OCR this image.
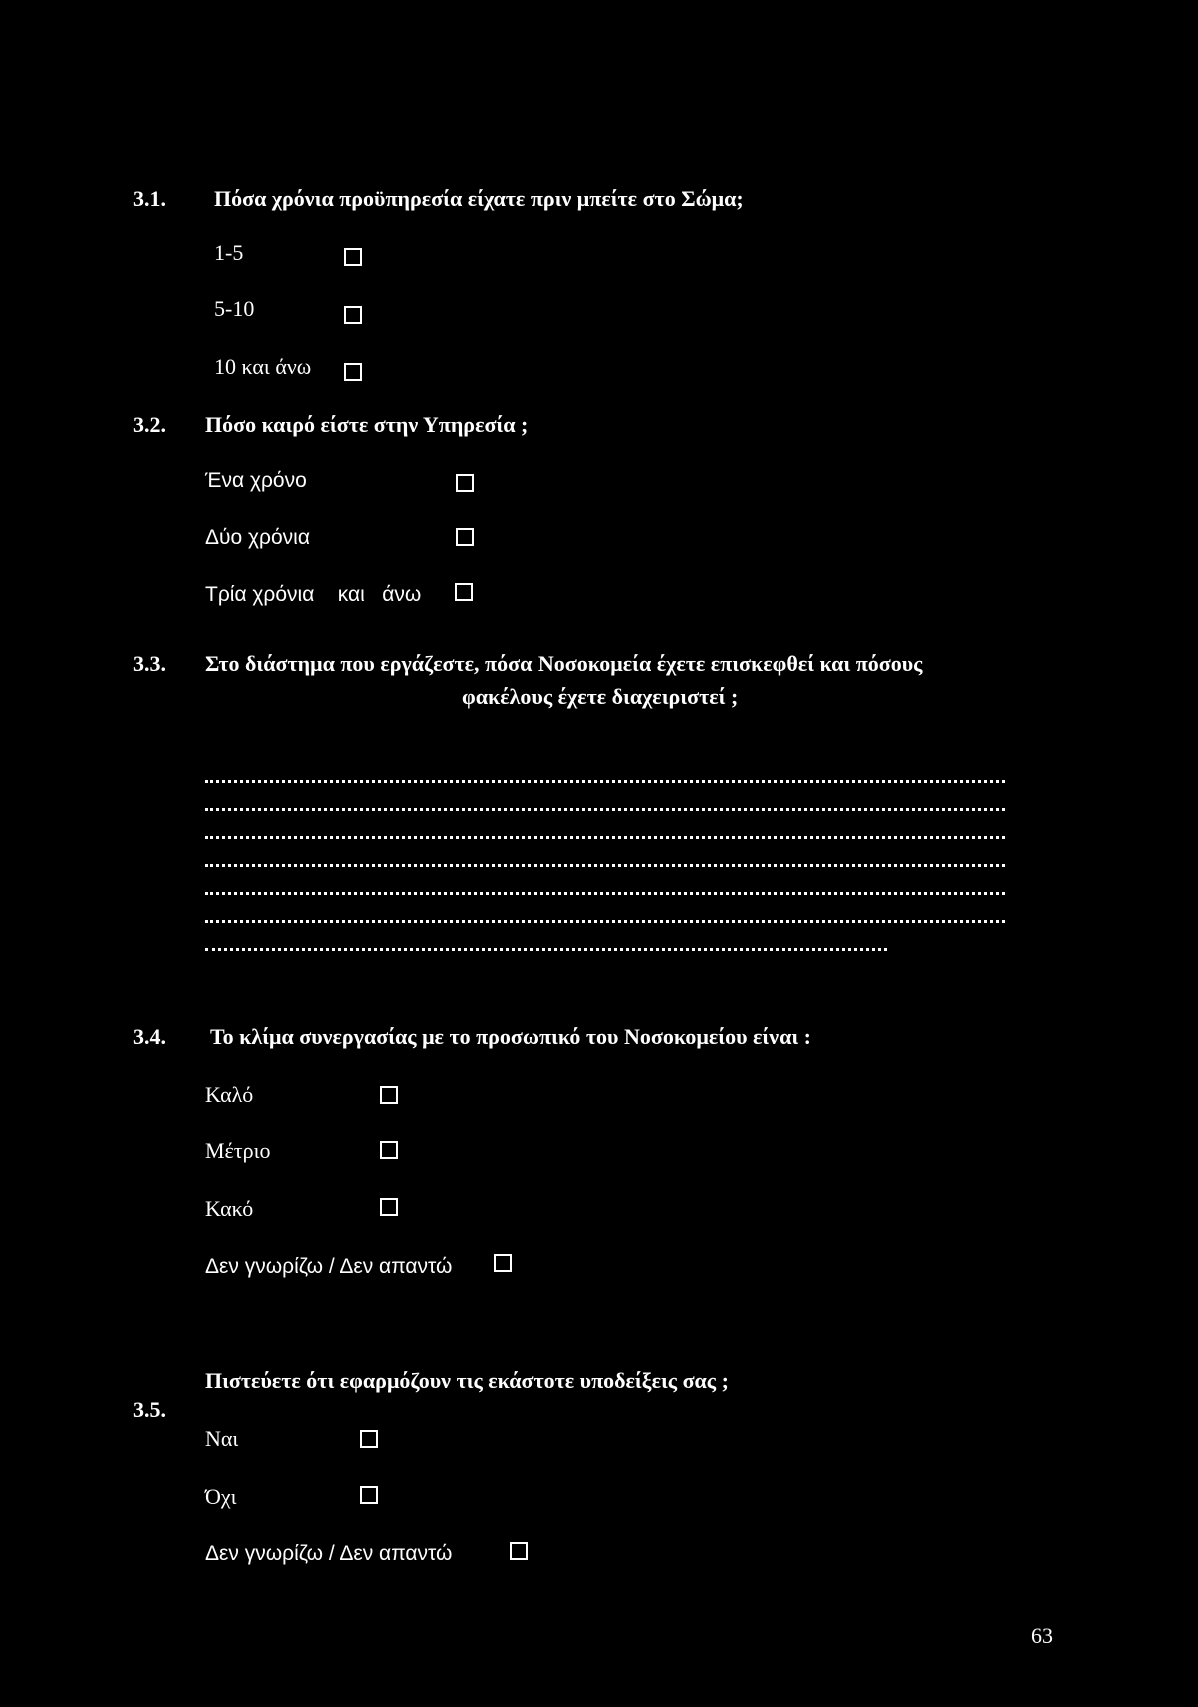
3.1. Πόσα χρόνια προϋπηρεσία είχατε πριν μπείτε στο Σώμα;
1-5
5-10
10 και άνω
3.2. Πόσο καιρό είστε στην Υπηρεσία ;
Ένα χρόνο
Δύο χρόνια
Τρία χρόνια    και   άνω
3.3. Στο διάστημα που εργάζεστε, πόσα Νοσοκομεία έχετε επισκεφθεί και πόσους
φακέλους έχετε διαχειριστεί ;
3.4. Το κλίμα συνεργασίας με το προσωπικό του Νοσοκομείου είναι :
Καλό
Μέτριο
Κακό
Δεν γνωρίζω / Δεν απαντώ
3.5.
Πιστεύετε ότι εφαρμόζουν τις εκάστοτε υποδείξεις σας ;
Ναι
Όχι
Δεν γνωρίζω / Δεν απαντώ
63
